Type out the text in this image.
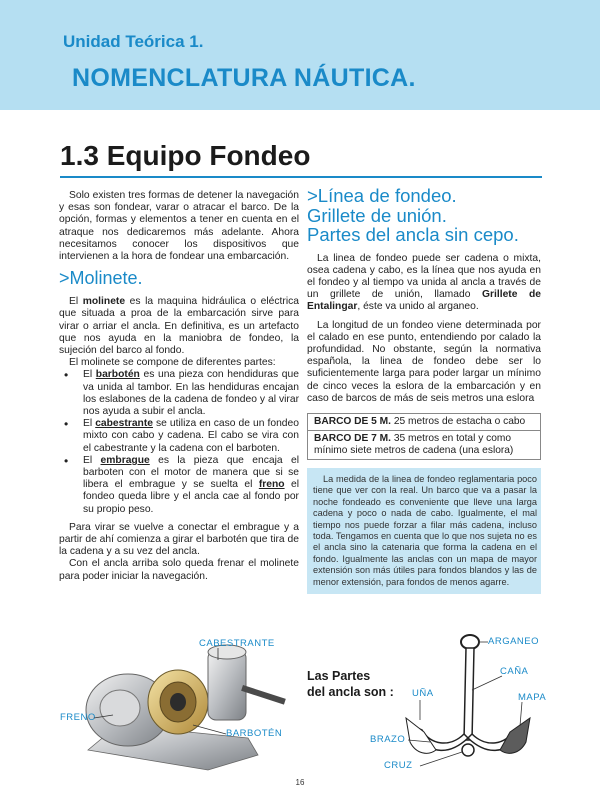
Unidad Teórica 1.
NOMENCLATURA NÁUTICA.
1.3 Equipo Fondeo

Solo existen tres formas de detener la navegación y esas son fondear, varar o atracar el barco. De la opción, formas y elementos a tener en cuenta en el atraque nos dedicaremos más adelante. Ahora necesitamos conocer los dispositivos que intervienen a la hora de fondear una embarcación.

>Molinete.

El molinete es la maquina hidráulica o eléctrica que situada a proa de la embarcación sirve para virar o arriar el ancla. En definitiva, es un artefacto que nos ayuda en la maniobra de fondeo, la sujeción del barco al fondo.

El molinete se compone de diferentes partes:

• El barbotén es una pieza con hendiduras que va unida al tambor. En las hendiduras encajan los eslabones de la cadena de fondeo y al virar nos ayuda a subir el ancla.
• El cabestrante se utiliza en caso de un fondeo mixto con cabo y cadena. El cabo se vira con el cabestrante y la cadena con el barboten.
• El embrague es la pieza que encaja el barboten con el motor de manera que si se libera el embrague y se suelta el freno el fondeo queda libre y el ancla cae al fondo por su propio peso.

Para virar se vuelve a conectar el embrague y a partir de ahí comienza a girar el barbotén que tira de la cadena y a su vez del ancla.

Con el ancla arriba solo queda frenar el molinete para poder iniciar la navegación.

>Línea de fondeo.
Grillete de unión.
Partes del ancla sin cepo.

La linea de fondeo puede ser cadena o mixta, osea cadena y cabo, es la línea que nos ayuda en el fondeo y al tiempo va unida al ancla a través de un grillete de unión, llamado Grillete de Entalingar, éste va unido al arganeo.

La longitud de un fondeo viene determinada por el calado en ese punto, entendiendo por calado la profundidad. No obstante, según la normativa española, la linea de fondeo debe ser lo suficientemente larga para poder largar un mínimo de cinco veces la eslora de la embarcación y en caso de barcos de más de seis metros una eslora

BARCO DE 5 M. 25 metros de estacha o cabo
BARCO DE 7 M. 35 metros en total y como mínimo siete metros de cadena (una eslora)
La medida de la linea de fondeo reglamentaria poco tiene que ver con la real. Un barco que va a pasar la noche fondeado es conveniente que lleve una larga cadena y poco o nada de cabo. Igualmente, el mal tiempo nos puede forzar a filar más cadena, incluso toda. Tengamos en cuenta que lo que nos sujeta no es el ancla sino la catenaria que forma la cadena en el fondo. Igualmente las anclas con un mapa de mayor extensión son más útiles para fondos blandos y las de menor extensión, para fondos de menos agarre.
Las Partes
del ancla son :
CABESTRANTE
FRENO
BARBOTÉN
ARGANEO
CAÑA
UÑA	MAPA
BRAZO
CRUZ
16
